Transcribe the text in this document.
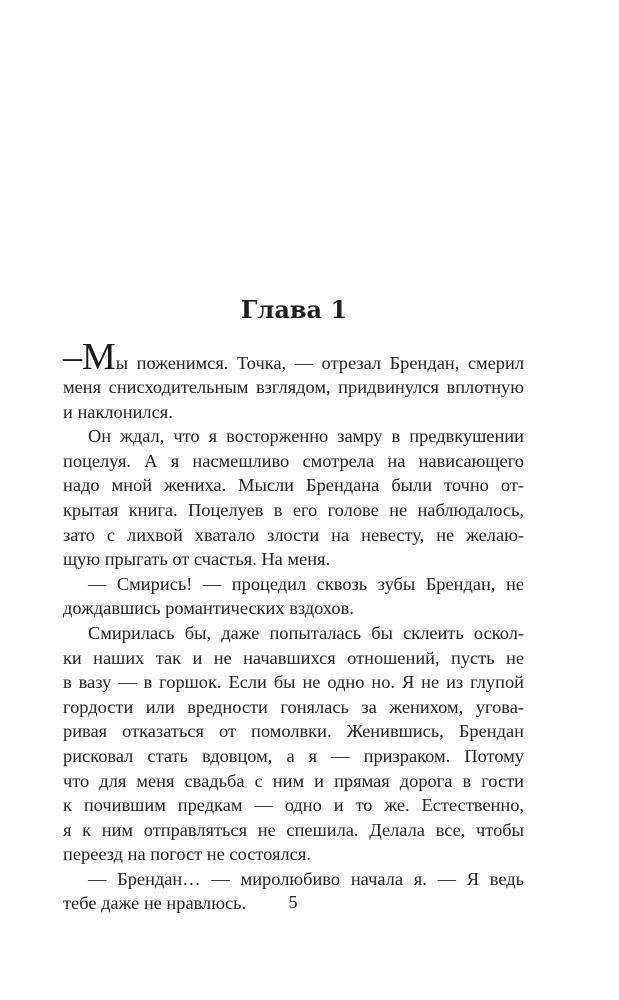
Глава 1
–Мы поженимся. Точка, — отрезал Брендан, смерил
меня снисходительным взглядом, придвинулся вплотную
и наклонился.
Он ждал, что я восторженно замру в предвкушении
поцелуя. А я насмешливо смотрела на нависающего
надо мной жениха. Мысли Брендана были точно от-
крытая книга. Поцелуев в его голове не наблюдалось,
зато с лихвой хватало злости на невесту, не желаю-
щую прыгать от счастья. На меня.
— Смирись! — процедил сквозь зубы Брендан, не
дождавшись романтических вздохов.
Смирилась бы, даже попыталась бы склеить оскол-
ки наших так и не начавшихся отношений, пусть не
в вазу — в горшок. Если бы не одно но. Я не из глупой
гордости или вредности гонялась за женихом, угова-
ривая отказаться от помолвки. Женившись, Брендан
рисковал стать вдовцом, а я — призраком. Потому
что для меня свадьба с ним и прямая дорога в гости
к почившим предкам — одно и то же. Естественно,
я к ним отправляться не спешила. Делала все, чтобы
переезд на погост не состоялся.
— Брендан… — миролюбиво начала я. — Я ведь
тебе даже не нравлюсь.	5
